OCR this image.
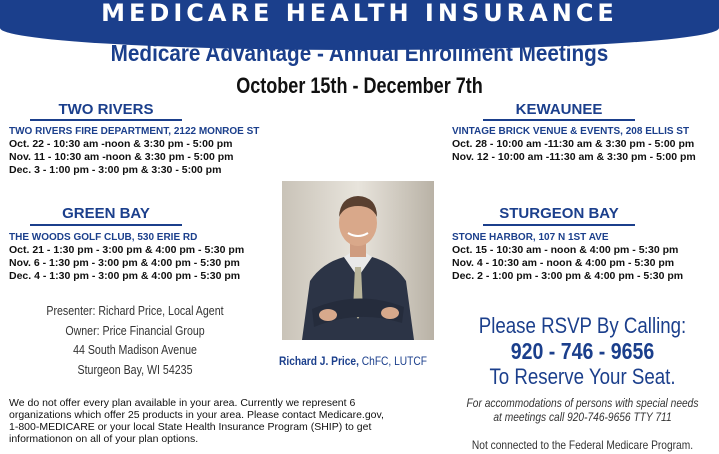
MEDICARE HEALTH INSURANCE
Medicare Advantage - Annual Enrollment Meetings
October 15th - December 7th
TWO RIVERS
TWO RIVERS FIRE DEPARTMENT, 2122 MONROE ST
Oct. 22 - 10:30 am -noon & 3:30 pm - 5:00 pm
Nov. 11 - 10:30 am -noon & 3:30 pm - 5:00 pm
Dec. 3 - 1:00 pm - 3:00 pm & 3:30 - 5:00 pm
KEWAUNEE
VINTAGE BRICK VENUE & EVENTS, 208 ELLIS ST
Oct. 28 - 10:00 am -11:30 am & 3:30 pm - 5:00 pm
Nov. 12 - 10:00 am -11:30 am & 3:30 pm - 5:00 pm
GREEN BAY
THE WOODS GOLF CLUB, 530 ERIE RD
Oct. 21 - 1:30 pm - 3:00 pm & 4:00 pm - 5:30 pm
Nov. 6 - 1:30 pm - 3:00 pm & 4:00 pm - 5:30 pm
Dec. 4 - 1:30 pm - 3:00 pm & 4:00 pm - 5:30 pm
STURGEON BAY
STONE HARBOR, 107 N 1ST AVE
Oct. 15 - 10:30 am - noon & 4:00 pm - 5:30 pm
Nov. 4 - 10:30 am - noon & 4:00 pm - 5:30 pm
Dec. 2 - 1:00 pm - 3:00 pm & 4:00 pm - 5:30 pm
Richard J. Price, ChFC, LUTCF
Presenter: Richard Price, Local Agent
Owner: Price Financial Group
44 South Madison Avenue
Sturgeon Bay, WI 54235
Please RSVP By Calling:
920 - 746 - 9656
To Reserve Your Seat.
For accommodations of persons with special needs
at meetings call 920-746-9656 TTY 711
Not connected to the Federal Medicare Program.
We do not offer every plan available in your area. Currently we represent 6 organizations which offer 25 products in your area. Please contact Medicare.gov, 1-800-MEDICARE or your local State Health Insurance Program (SHIP) to get informationon on all of your plan options.
